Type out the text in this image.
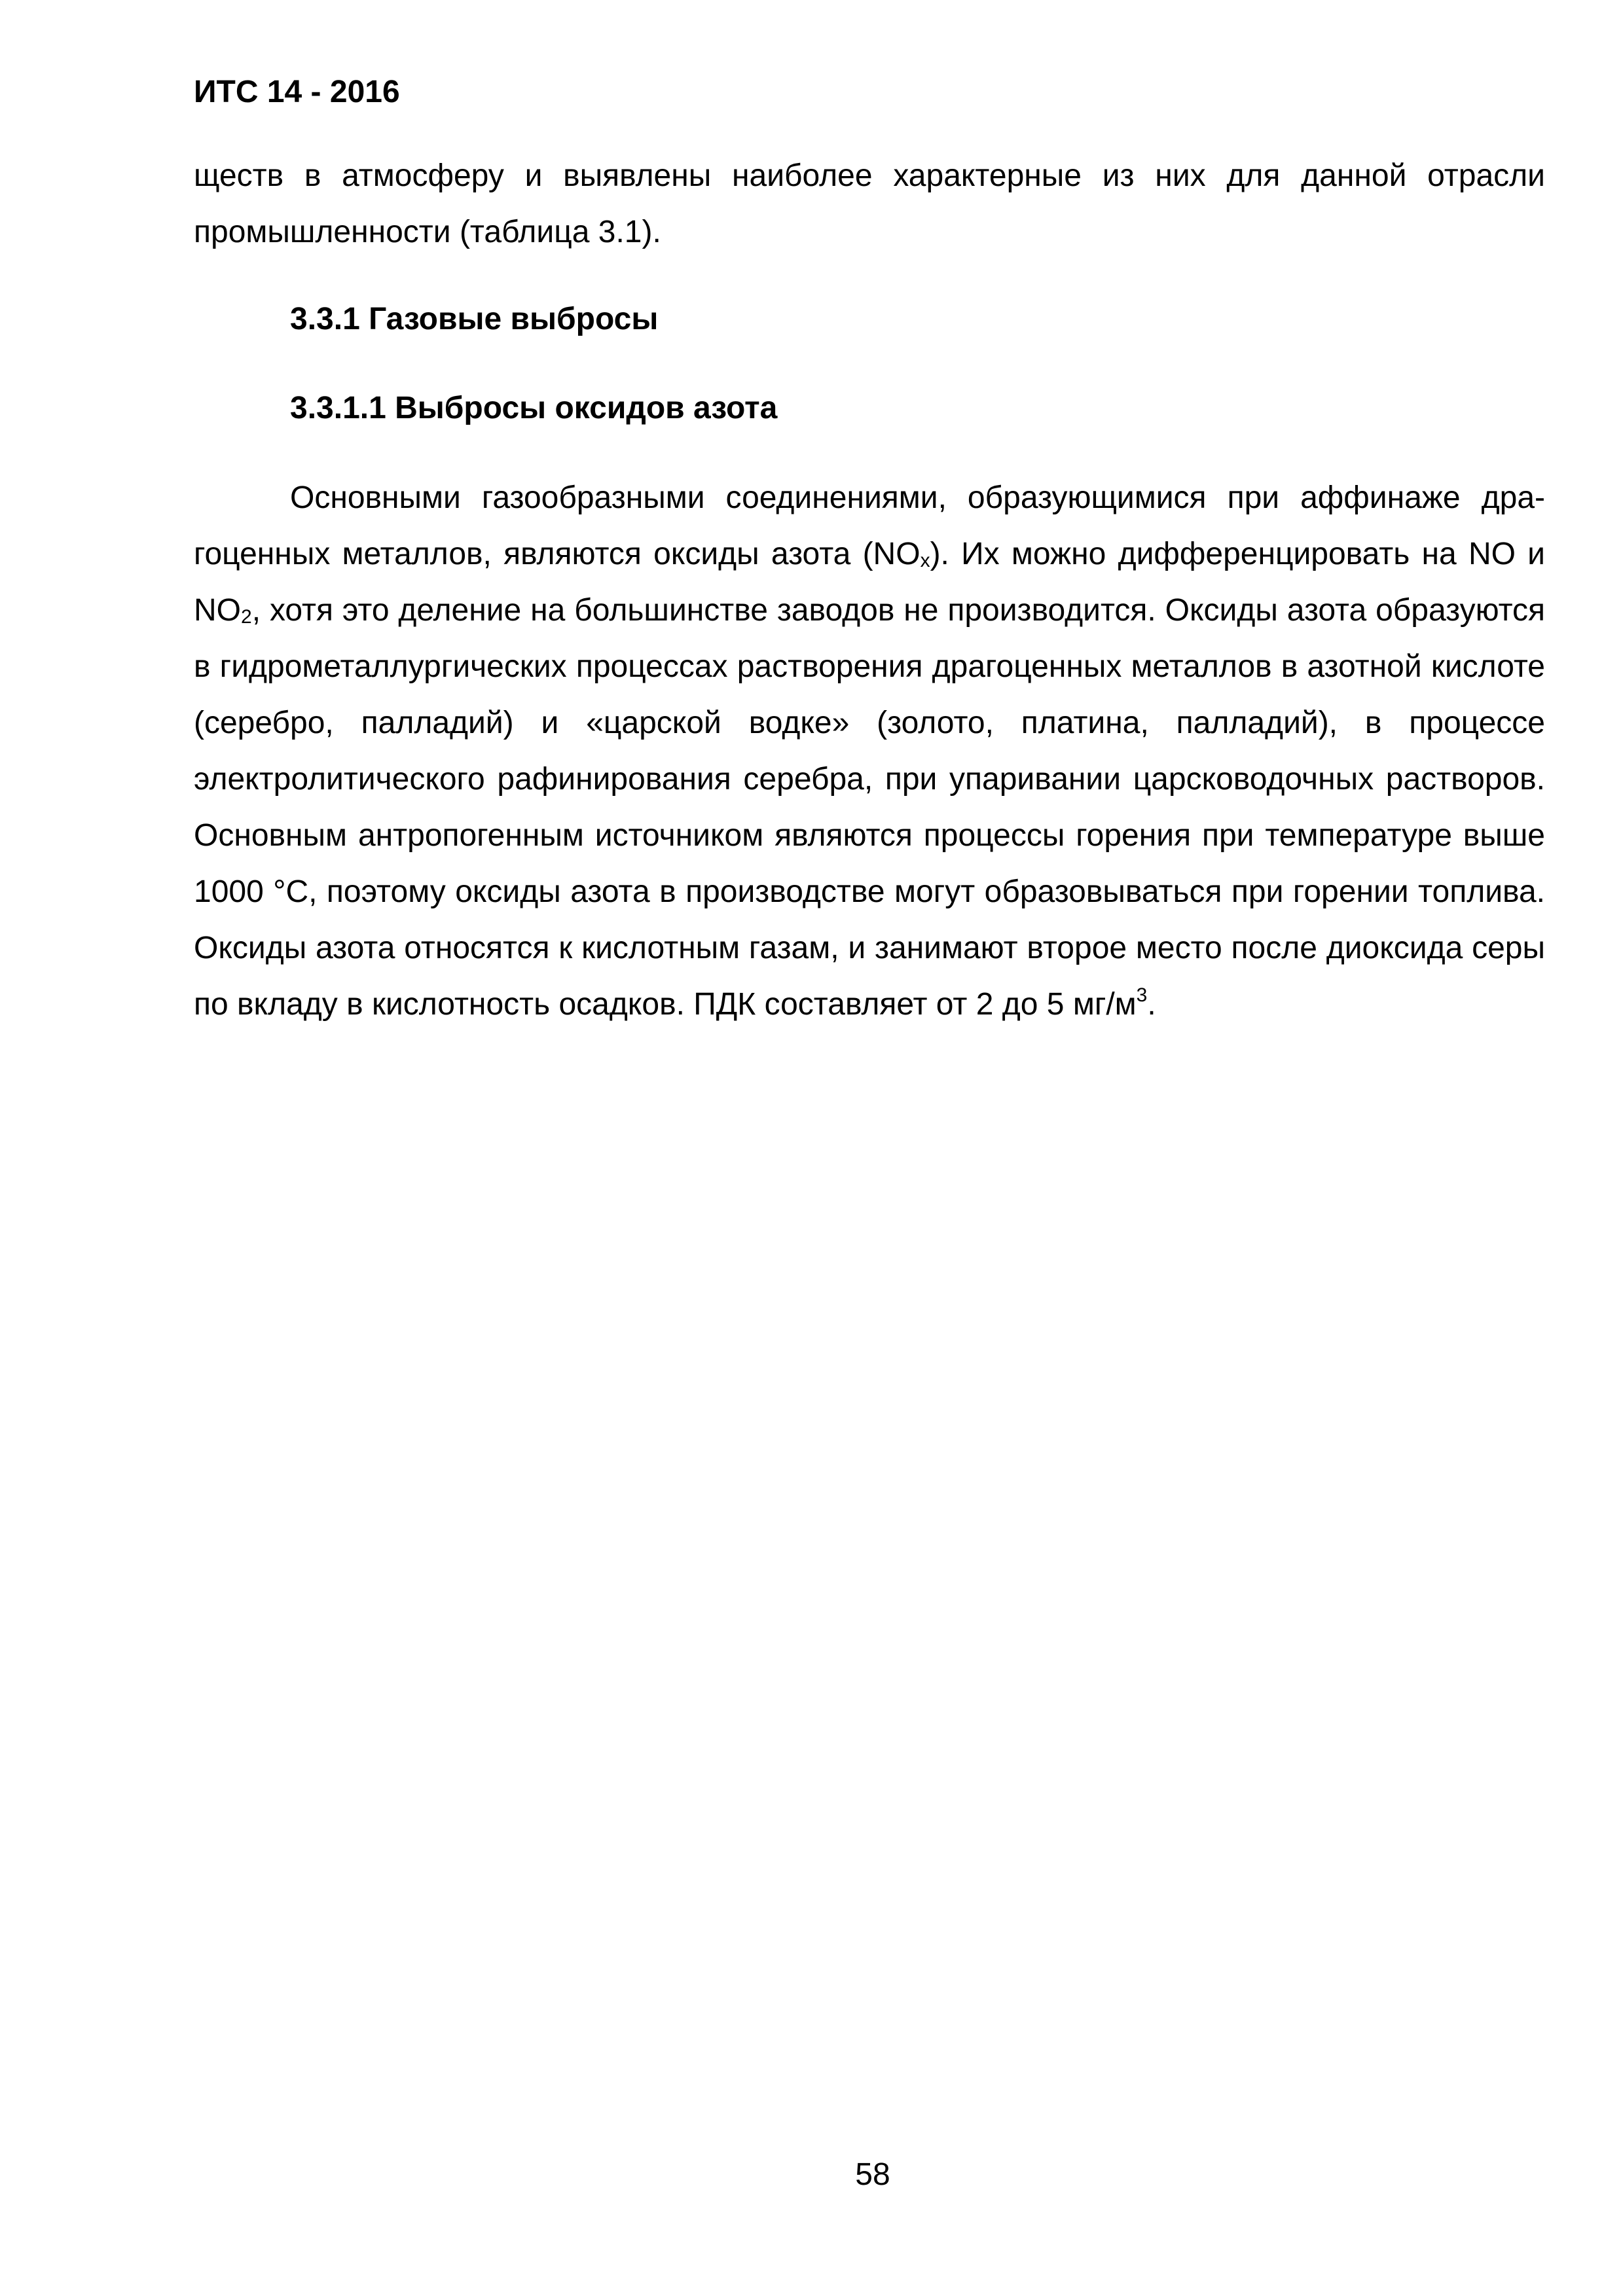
ИТС 14 - 2016

ществ в атмосферу и выявлены наиболее характерные из них для данной отрасли промышленности (таблица 3.1).

3.3.1 Газовые выбросы
3.3.1.1 Выбросы оксидов азота

Основными газообразными соединениями, образующимися при аффинаже драгоценных металлов, являются оксиды азота $(NO_x)$. Их можно дифференцировать на NO и $NO_2$, хотя это деление на большинстве заводов не производится. Оксиды азота образуются в гидрометаллургических процессах растворения драгоценных металлов в азотной кислоте (серебро, палладий) и «царской водке» (золото, платина, палладий), в процессе электролитического рафинирования серебра, при упаривании царсководочных растворов. Основным антропогенным источником являются процессы горения при температуре выше 1000 °С, поэтому оксиды азота в производстве могут образовываться при горении топлива. Оксиды азота относятся к кислотным газам, и занимают второе место после диоксида серы по вкладу в кислотность осадков. ПДК составляет от 2 до 5 $мг/м^3$.

58
